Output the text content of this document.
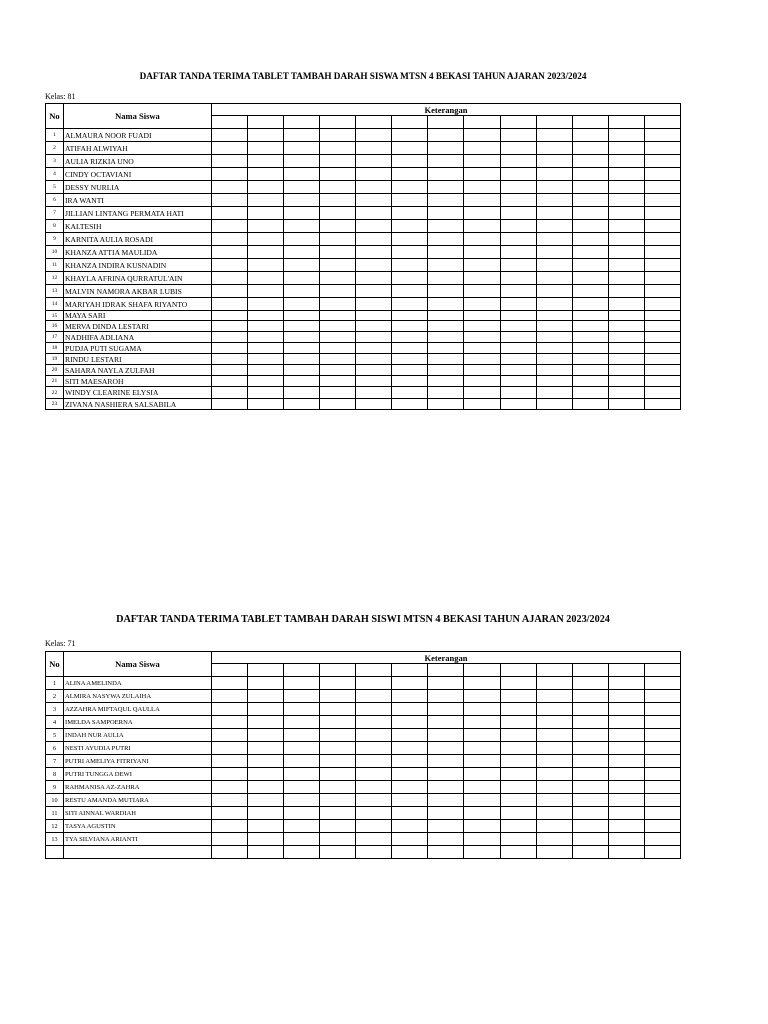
DAFTAR TANDA TERIMA TABLET TAMBAH DARAH SISWA MTSN 4 BEKASI TAHUN AJARAN 2023/2024
Kelas: 81
No	Nama Siswa	Keterangan												

1	ALMAURA NOOR FUADI													
2	ATIFAH ALWIYAH													
3	AULIA RIZKIA UNO													
4	CINDY OCTAVIANI													
5	DESSY NURLIA													
6	IRA WANTI													
7	JILLIAN LINTANG PERMATA HATI													
8	KALTESIH													
9	KARNITA AULIA ROSADI													
10	KHANZA ATTIA MAULIDA													
11	KHANZA INDIRA KUSNADIN													
12	KHAYLA AFRINA QURRATUL'AIN													
13	MALVIN NAMORA AKBAR LUBIS													
14	MARIYAH IDRAK SHAFA RIYANTO													
15	MAYA SARI													
16	MERVA DINDA LESTARI													
17	NADHIFA ADLIANA													
18	PUDJA PUTI SUGAMA													
19	RINDU LESTARI													
20	SAHARA NAYLA ZULFAH													
21	SITI MAESAROH													
22	WINDY CLEARINE ELYSIA													
23	ZIVANA NASHIERA SALSABILA													
DAFTAR TANDA TERIMA TABLET TAMBAH DARAH SISWI MTSN 4 BEKASI TAHUN AJARAN 2023/2024
Kelas: 71
No	Nama Siswa	Keterangan												

1	ALINA AMELINDA													
2	ALMIRA NASYWA ZULAIHA													
3	AZZAHRA MIFTAQUL QAULLA													
4	IMELDA SAMPOERNA													
5	INDAH NUR AULIA													
6	NESTI AYUDIA PUTRI													
7	PUTRI AMELIYA FITRIYANI													
8	PUTRI TUNGGA DEWI													
9	RAHMANISA AZ-ZAHRA													
10	RESTU AMANDA MUTIARA													
11	SITI AINNAL WARDIAH													
12	TASYA AGUSTIN													
13	TYA SILVIANA ARIANTI													
